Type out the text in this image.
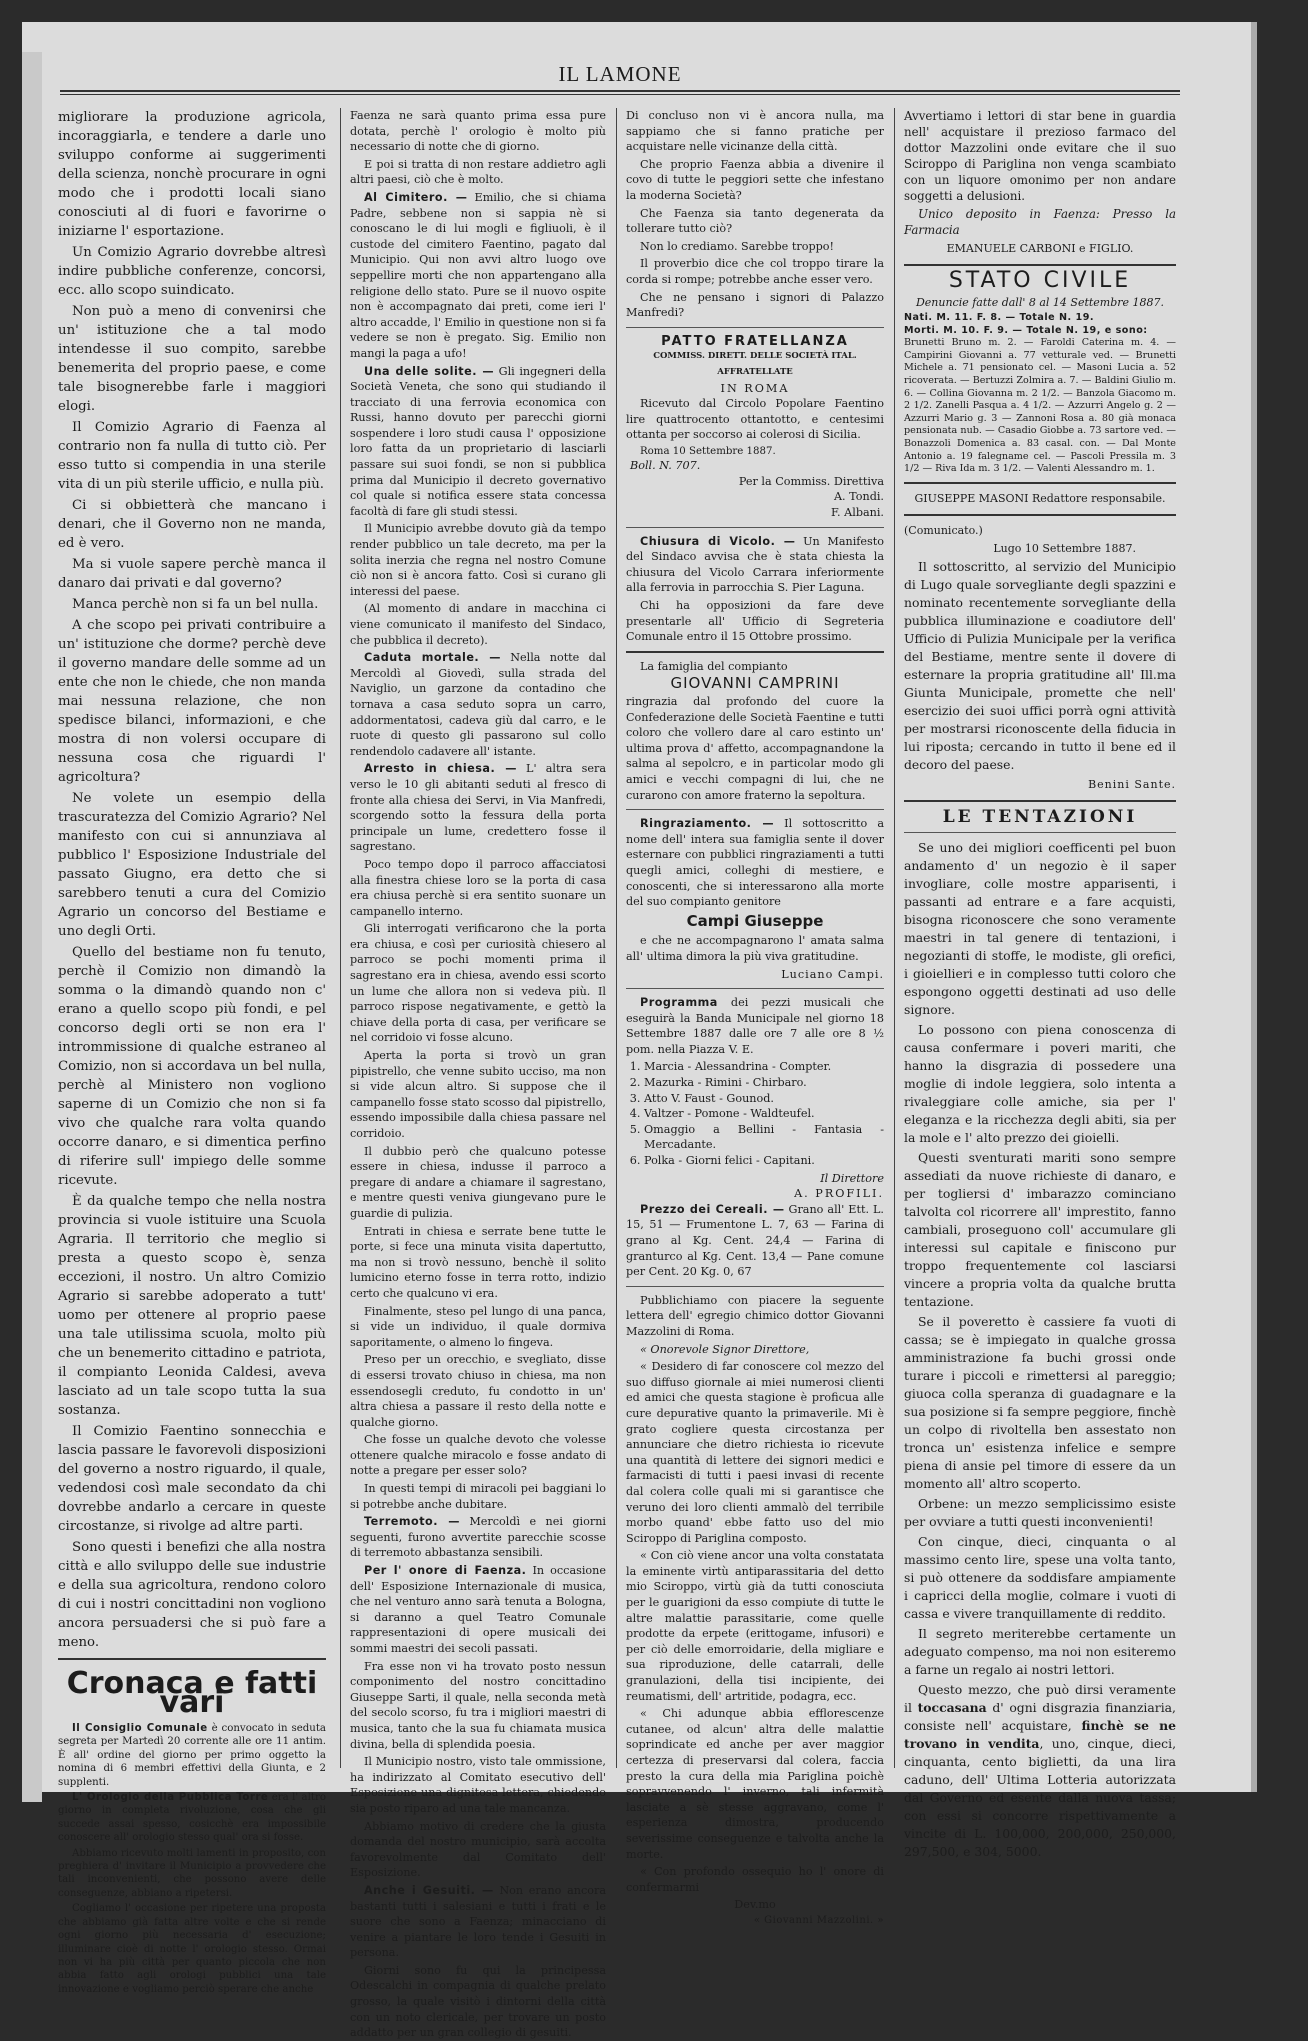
IL LAMONE

migliorare la produzione agricola, incoraggiarla, e tendere a darle uno sviluppo conforme ai suggerimenti della scienza, nonchè procurare in ogni modo che i prodotti locali siano conosciuti al di fuori e favorirne o iniziarne l' esportazione.

Un Comizio Agrario dovrebbe altresì indire pubbliche conferenze, concorsi, ecc. allo scopo suindicato.

Non può a meno di convenirsi che un' istituzione che a tal modo intendesse il suo compito, sarebbe benemerita del proprio paese, e come tale bisognerebbe farle i maggiori elogi.

Il Comizio Agrario di Faenza al contrario non fa nulla di tutto ciò. Per esso tutto si compendia in una sterile vita di un più sterile ufficio, e nulla più.

Ci si obbietterà che mancano i denari, che il Governo non ne manda, ed è vero.

Ma si vuole sapere perchè manca il danaro dai privati e dal governo?

Manca perchè non si fa un bel nulla.

A che scopo pei privati contribuire a un' istituzione che dorme? perchè deve il governo mandare delle somme ad un ente che non le chiede, che non manda mai nessuna relazione, che non spedisce bilanci, informazioni, e che mostra di non volersi occupare di nessuna cosa che riguardi l' agricoltura?

Ne volete un esempio della trascuratezza del Comizio Agrario? Nel manifesto con cui si annunziava al pubblico l' Esposizione Industriale del passato Giugno, era detto che si sarebbero tenuti a cura del Comizio Agrario un concorso del Bestiame e uno degli Orti.

Quello del bestiame non fu tenuto, perchè il Comizio non dimandò la somma o la dimandò quando non c' erano a quello scopo più fondi, e pel concorso degli orti se non era l' intrommissione di qualche estraneo al Comizio, non si accordava un bel nulla, perchè al Ministero non vogliono saperne di un Comizio che non si fa vivo che qualche rara volta quando occorre danaro, e si dimentica perfino di riferire sull' impiego delle somme ricevute.

È da qualche tempo che nella nostra provincia si vuole istituire una Scuola Agraria. Il territorio che meglio si presta a questo scopo è, senza eccezioni, il nostro. Un altro Comizio Agrario si sarebbe adoperato a tutt' uomo per ottenere al proprio paese una tale utilissima scuola, molto più che un benemerito cittadino e patriota, il compianto Leonida Caldesi, aveva lasciato ad un tale scopo tutta la sua sostanza.

Il Comizio Faentino sonnecchia e lascia passare le favorevoli disposizioni del governo a nostro riguardo, il quale, vedendosi così male secondato da chi dovrebbe andarlo a cercare in queste circostanze, si rivolge ad altre parti.

Sono questi i benefizi che alla nostra città e allo sviluppo delle sue industrie e della sua agricoltura, rendono coloro di cui i nostri concittadini non vogliono ancora persuadersi che si può fare a meno.

Cronaca e fatti vari

Il Consiglio Comunale è convocato in seduta segreta per Martedì 20 corrente alle ore 11 antim. È all' ordine del giorno per primo oggetto la nomina di 6 membri effettivi della Giunta, e 2 supplenti.

L' Orologio della Pubblica Torre era l' altro giorno in completa rivoluzione, cosa che gli succede assai spesso, cosicchè era impossibile conoscere all' orologio stesso qual' ora si fosse.

Abbiamo ricevuto molti lamenti in proposito, con preghiera d' invitare il Municipio a provvedere che tali inconvenienti, che possono avere delle conseguenze, abbiano a ripetersi.

Cogliamo l' occasione per ripetere una proposta che abbiamo già fatta altre volte e che si rende ogni giorno più necessaria d' esecuzione; illuminare cioè di notte l' orologio stesso. Ormai non vi ha più città per quanto piccola che non abbia fatto agli orologi pubblici una tale innovazione e vogliamo perciò sperare che anche

Faenza ne sarà quanto prima essa pure dotata, perchè l' orologio è molto più necessario di notte che di giorno.

E poi si tratta di non restare addietro agli altri paesi, ciò che è molto.

Al Cimitero. — Emilio, che si chiama Padre, sebbene non si sappia nè si conoscano le di lui mogli e figliuoli, è il custode del cimitero Faentino, pagato dal Municipio. Qui non avvi altro luogo ove seppellire morti che non appartengano alla religione dello stato. Pure se il nuovo ospite non è accompagnato dai preti, come ieri l' altro accadde, l' Emilio in questione non si fa vedere se non è pregato. Sig. Emilio non mangi la paga a ufo!

Una delle solite. — Gli ingegneri della Società Veneta, che sono qui studiando il tracciato di una ferrovia economica con Russi, hanno dovuto per parecchi giorni sospendere i loro studi causa l' opposizione loro fatta da un proprietario di lasciarli passare sui suoi fondi, se non si pubblica prima dal Municipio il decreto governativo col quale si notifica essere stata concessa facoltà di fare gli studi stessi.

Il Municipio avrebbe dovuto già da tempo render pubblico un tale decreto, ma per la solita inerzia che regna nel nostro Comune ciò non si è ancora fatto. Così si curano gli interessi del paese.

(Al momento di andare in macchina ci viene comunicato il manifesto del Sindaco, che pubblica il decreto).

Caduta mortale. — Nella notte dal Mercoldì al Giovedì, sulla strada del Naviglio, un garzone da contadino che tornava a casa seduto sopra un carro, addormentatosi, cadeva giù dal carro, e le ruote di questo gli passarono sul collo rendendolo cadavere all' istante.

Arresto in chiesa. — L' altra sera verso le 10 gli abitanti seduti al fresco di fronte alla chiesa dei Servi, in Via Manfredi, scorgendo sotto la fessura della porta principale un lume, credettero fosse il sagrestano.

Poco tempo dopo il parroco affacciatosi alla finestra chiese loro se la porta di casa era chiusa perchè si era sentito suonare un campanello interno.

Gli interrogati verificarono che la porta era chiusa, e così per curiosità chiesero al parroco se pochi momenti prima il sagrestano era in chiesa, avendo essi scorto un lume che allora non si vedeva più. Il parroco rispose negativamente, e gettò la chiave della porta di casa, per verificare se nel corridoio vi fosse alcuno.

Aperta la porta si trovò un gran pipistrello, che venne subito ucciso, ma non si vide alcun altro. Si suppose che il campanello fosse stato scosso dal pipistrello, essendo impossibile dalla chiesa passare nel corridoio.

Il dubbio però che qualcuno potesse essere in chiesa, indusse il parroco a pregare di andare a chiamare il sagrestano, e mentre questi veniva giungevano pure le guardie di pulizia.

Entrati in chiesa e serrate bene tutte le porte, si fece una minuta visita dapertutto, ma non si trovò nessuno, benchè il solito lumicino eterno fosse in terra rotto, indizio certo che qualcuno vi era.

Finalmente, steso pel lungo di una panca, si vide un individuo, il quale dormiva saporitamente, o almeno lo fingeva.

Preso per un orecchio, e svegliato, disse di essersi trovato chiuso in chiesa, ma non essendosegli creduto, fu condotto in un' altra chiesa a passare il resto della notte e qualche giorno.

Che fosse un qualche devoto che volesse ottenere qualche miracolo e fosse andato di notte a pregare per esser solo?

In questi tempi di miracoli pei baggiani lo si potrebbe anche dubitare.

Terremoto. — Mercoldì e nei giorni seguenti, furono avvertite parecchie scosse di terremoto abbastanza sensibili.

Per l' onore di Faenza. In occasione dell' Esposizione Internazionale di musica, che nel venturo anno sarà tenuta a Bologna, si daranno a quel Teatro Comunale rappresentazioni di opere musicali dei sommi maestri dei secoli passati.

Fra esse non vi ha trovato posto nessun componimento del nostro concittadino Giuseppe Sarti, il quale, nella seconda metà del secolo scorso, fu tra i migliori maestri di musica, tanto che la sua fu chiamata musica divina, bella di splendida poesia.

Il Municipio nostro, visto tale ommissione, ha indirizzato al Comitato esecutivo dell' Esposizione una dignitosa lettera, chiedendo sia posto riparo ad una tale mancanza.

Abbiamo motivo di credere che la giusta domanda del nostro municipio, sarà accolta favorevolmente dal Comitato dell' Esposizione.

Anche i Gesuiti. — Non erano ancora bastanti tutti i salesiani e tutti i frati e le suore che sono a Faenza; minacciano di venire a piantare le loro tende i Gesuiti in persona.

Giorni sono fu qui la principessa Odescalchi in compagnia di qualche prelato grosso, la quale visitò i dintorni della città con un noto clericale, per trovare un posto addatto per un gran collegio di gesuiti.

Di concluso non vi è ancora nulla, ma sappiamo che si fanno pratiche per acquistare nelle vicinanze della città.

Che proprio Faenza abbia a divenire il covo di tutte le peggiori sette che infestano la moderna Società?

Che Faenza sia tanto degenerata da tollerare tutto ciò?

Non lo crediamo. Sarebbe troppo!

Il proverbio dice che col troppo tirare la corda si rompe; potrebbe anche esser vero.

Che ne pensano i signori di Palazzo Manfredi?

PATTO FRATELLANZA
COMMISS. DIRETT. DELLE SOCIETÀ ITAL. AFFRATELLATE
IN ROMA

Ricevuto dal Circolo Popolare Faentino lire quattrocento ottantotto, e centesimi ottanta per soccorso ai colerosi di Sicilia.

Roma 10 Settembre 1887.
Boll. N. 707.
Per la Commiss. Direttiva
A. Tondi.
F. Albani.

Chiusura di Vicolo. — Un Manifesto del Sindaco avvisa che è stata chiesta la chiusura del Vicolo Carrara inferiormente alla ferrovia in parrocchia S. Pier Laguna.

Chi ha opposizioni da fare deve presentarle all' Ufficio di Segreteria Comunale entro il 15 Ottobre prossimo.

La famiglia del compianto

GIOVANNI CAMPRINI

ringrazia dal profondo del cuore la Confederazione delle Società Faentine e tutti coloro che vollero dare al caro estinto un' ultima prova d' affetto, accompagnandone la salma al sepolcro, e in particolar modo gli amici e vecchi compagni di lui, che ne curarono con amore fraterno la sepoltura.

Ringraziamento. — Il sottoscritto a nome dell' intera sua famiglia sente il dover esternare con pubblici ringraziamenti a tutti quegli amici, colleghi di mestiere, e conoscenti, che si interessarono alla morte del suo compianto genitore

Campi Giuseppe

e che ne accompagnarono l' amata salma all' ultima dimora la più viva gratitudine.

Luciano Campi.

Programma dei pezzi musicali che eseguirà la Banda Municipale nel giorno 18 Settembre 1887 dalle ore 7 alle ore 8 ½ pom. nella Piazza V. E.

1. Marcia - Alessandrina - Compter.
2. Mazurka - Rimini - Chirbaro.
3. Atto V. Faust - Gounod.
4. Valtzer - Pomone - Waldteufel.
5. Omaggio a Bellini - Fantasia - Mercadante.
6. Polka - Giorni felici - Capitani.
Il Direttore
A. PROFILI.

Prezzo dei Cereali. — Grano all' Ett. L. 15, 51 — Frumentone L. 7, 63 — Farina di grano al Kg. Cent. 24,4 — Farina di granturco al Kg. Cent. 13,4 — Pane comune per Cent. 20 Kg. 0, 67

Pubblichiamo con piacere la seguente lettera dell' egregio chimico dottor Giovanni Mazzolini di Roma.

« Onorevole Signor Direttore,

« Desidero di far conoscere col mezzo del suo diffuso giornale ai miei numerosi clienti ed amici che questa stagione è proficua alle cure depurative quanto la primaverile. Mi è grato cogliere questa circostanza per annunciare che dietro richiesta io ricevute una quantità di lettere dei signori medici e farmacisti di tutti i paesi invasi di recente dal colera colle quali mi si garantisce che veruno dei loro clienti ammalò del terribile morbo quand' ebbe fatto uso del mio Sciroppo di Pariglina composto.

« Con ciò viene ancor una volta constatata la eminente virtù antiparassitaria del detto mio Sciroppo, virtù già da tutti conosciuta per le guarigioni da esso compiute di tutte le altre malattie parassitarie, come quelle prodotte da erpete (erittogame, infusori) e per ciò delle emorroidarie, della migliare e sua riproduzione, delle catarrali, delle granulazioni, della tisi incipiente, dei reumatismi, dell' artritide, podagra, ecc.

« Chi adunque abbia efflorescenze cutanee, od alcun' altra delle malattie soprindicate ed anche per aver maggior certezza di preservarsi dal colera, faccia presto la cura della mia Pariglina poichè sopravvenendo l' inverno, tali infermità lasciate a sè stesse aggravano, come l' esperienza dimostra, producendo severissime conseguenze e talvolta anche la morte.

« Con profondo ossequio ho l' onore di confermarmi

Dev.mo
« Giovanni Mazzolini. »

Avvertiamo i lettori di star bene in guardia nell' acquistare il prezioso farmaco del dottor Mazzolini onde evitare che il suo Sciroppo di Pariglina non venga scambiato con un liquore omonimo per non andare soggetti a delusioni.

Unico deposito in Faenza: Presso la Farmacia

EMANUELE CARBONI e FIGLIO.
STATO CIVILE
Denuncie fatte dall' 8 al 14 Settembre 1887.
Nati. M. 11. F. 8. — Totale N. 19.
Morti. M. 10. F. 9. — Totale N. 19, e sono:
Brunetti Bruno m. 2. — Faroldi Caterina m. 4. — Campirini Giovanni a. 77 vetturale ved. — Brunetti Michele a. 71 pensionato cel. — Masoni Lucia a. 52 ricoverata. — Bertuzzi Zolmira a. 7. — Baldini Giulio m. 6. — Collina Giovanna m. 2 1/2. — Banzola Giacomo m. 2 1/2. Zanelli Pasqua a. 4 1/2. — Azzurri Angelo g. 2 — Azzurri Mario g. 3 — Zannoni Rosa a. 80 già monaca pensionata nub. — Casadio Giobbe a. 73 sartore ved. — Bonazzoli Domenica a. 83 casal. con. — Dal Monte Antonio a. 19 falegname cel. — Pascoli Pressila m. 3 1/2 — Riva Ida m. 3 1/2. — Valenti Alessandro m. 1.
GIUSEPPE MASONI Redattore responsabile.
(Comunicato.)
Lugo 10 Settembre 1887.

Il sottoscritto, al servizio del Municipio di Lugo quale sorvegliante degli spazzini e nominato recentemente sorvegliante della pubblica illuminazione e coadiutore dell' Ufficio di Pulizia Municipale per la verifica del Bestiame, mentre sente il dovere di esternare la propria gratitudine all' Ill.ma Giunta Municipale, promette che nell' esercizio dei suoi uffici porrà ogni attività per mostrarsi riconoscente della fiducia in lui riposta; cercando in tutto il bene ed il decoro del paese.

Benini Sante.
LE TENTAZIONI

Se uno dei migliori coefficenti pel buon andamento d' un negozio è il saper invogliare, colle mostre apparisenti, i passanti ad entrare e a fare acquisti, bisogna riconoscere che sono veramente maestri in tal genere di tentazioni, i negozianti di stoffe, le modiste, gli orefici, i gioiellieri e in complesso tutti coloro che espongono oggetti destinati ad uso delle signore.

Lo possono con piena conoscenza di causa confermare i poveri mariti, che hanno la disgrazia di possedere una moglie di indole leggiera, solo intenta a rivaleggiare colle amiche, sia per l' eleganza e la ricchezza degli abiti, sia per la mole e l' alto prezzo dei gioielli.

Questi sventurati mariti sono sempre assediati da nuove richieste di danaro, e per togliersi d' imbarazzo cominciano talvolta col ricorrere all' imprestito, fanno cambiali, proseguono coll' accumulare gli interessi sul capitale e finiscono pur troppo frequentemente col lasciarsi vincere a propria volta da qualche brutta tentazione.

Se il poveretto è cassiere fa vuoti di cassa; se è impiegato in qualche grossa amministrazione fa buchi grossi onde turare i piccoli e rimettersi al pareggio; giuoca colla speranza di guadagnare e la sua posizione si fa sempre peggiore, finchè un colpo di rivoltella ben assestato non tronca un' esistenza infelice e sempre piena di ansie pel timore di essere da un momento all' altro scoperto.

Orbene: un mezzo semplicissimo esiste per ovviare a tutti questi inconvenienti!

Con cinque, dieci, cinquanta o al massimo cento lire, spese una volta tanto, si può ottenere da soddisfare ampiamente i capricci della moglie, colmare i vuoti di cassa e vivere tranquillamente di reddito.

Il segreto meriterebbe certamente un adeguato compenso, ma noi non esiteremo a farne un regalo ai nostri lettori.

Questo mezzo, che può dirsi veramente il toccasana d' ogni disgrazia finanziaria, consiste nell' acquistare, finchè se ne trovano in vendita, uno, cinque, dieci, cinquanta, cento biglietti, da una lira caduno, dell' Ultima Lotteria autorizzata dal Governo ed esente dalla nuova tassa; con essi si concorre rispettivamente a vincite di L. 100,000, 200,000, 250,000, 297,500, e 304, 5000.
